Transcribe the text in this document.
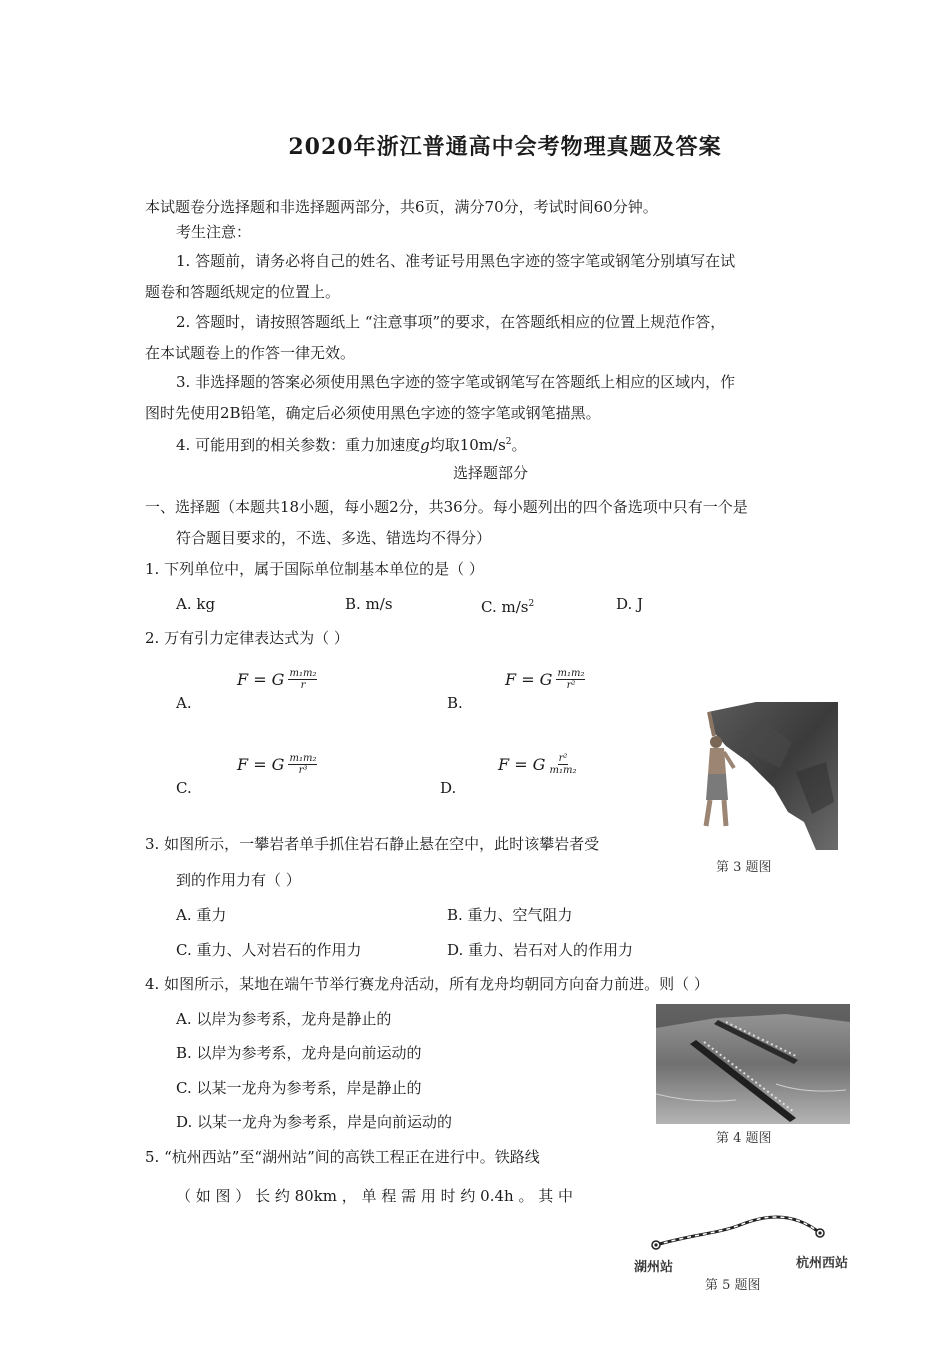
2020年浙江普通高中会考物理真题及答案
本试题卷分选择题和非选择题两部分，共6页，满分70分，考试时间60分钟。
考生注意：
1. 答题前，请务必将自己的姓名、准考证号用黑色字迹的签字笔或钢笔分别填写在试
题卷和答题纸规定的位置上。
2. 答题时，请按照答题纸上 “注意事项”的要求，在答题纸相应的位置上规范作答，
在本试题卷上的作答一律无效。
3. 非选择题的答案必须使用黑色字迹的签字笔或钢笔写在答题纸上相应的区域内，作
图时先使用2B铅笔，确定后必须使用黑色字迹的签字笔或钢笔描黑。
4. 可能用到的相关参数：重力加速度g均取$10m/s^2$。
选择题部分
一、选择题（本题共18小题，每小题2分，共36分。每小题列出的四个备选项中只有一个是
符合题目要求的，不选、多选、错选均不得分）
1. 下列单位中，属于国际单位制基本单位的是（ ）
A. kg	B. m/s	C. $m/s^2$	D. J
2. 万有引力定律表达式为（ ）
F = G $\frac{\text{m₁m₂}}{r}$
A.
F = G $\frac{\text{m₁m₂}}{\text{r²}}$
B.
F = G $\frac{\text{m₁m₂}}{\text{r³}}$
C.
F = G $\frac{\text{r²}}{\text{m₁m₂}}$
D.
第 3 题图
3. 如图所示，一攀岩者单手抓住岩石静止悬在空中，此时该攀岩者受
到的作用力有（ ）
A. 重力	B. 重力、空气阻力
C. 重力、人对岩石的作用力	D. 重力、岩石对人的作用力
4. 如图所示，某地在端午节举行赛龙舟活动，所有龙舟均朝同方向奋力前进。则（ ）
A. 以岸为参考系，龙舟是静止的
B. 以岸为参考系，龙舟是向前运动的
C. 以某一龙舟为参考系，岸是静止的
D. 以某一龙舟为参考系，岸是向前运动的
第 4 题图
5. “杭州西站”至“湖州站”间的高铁工程正在进行中。铁路线
（ 如 图 ） 长 约 80km ， 单 程 需 用 时 约 0.4h 。 其 中
湖州站	杭州西站
第 5 题图
